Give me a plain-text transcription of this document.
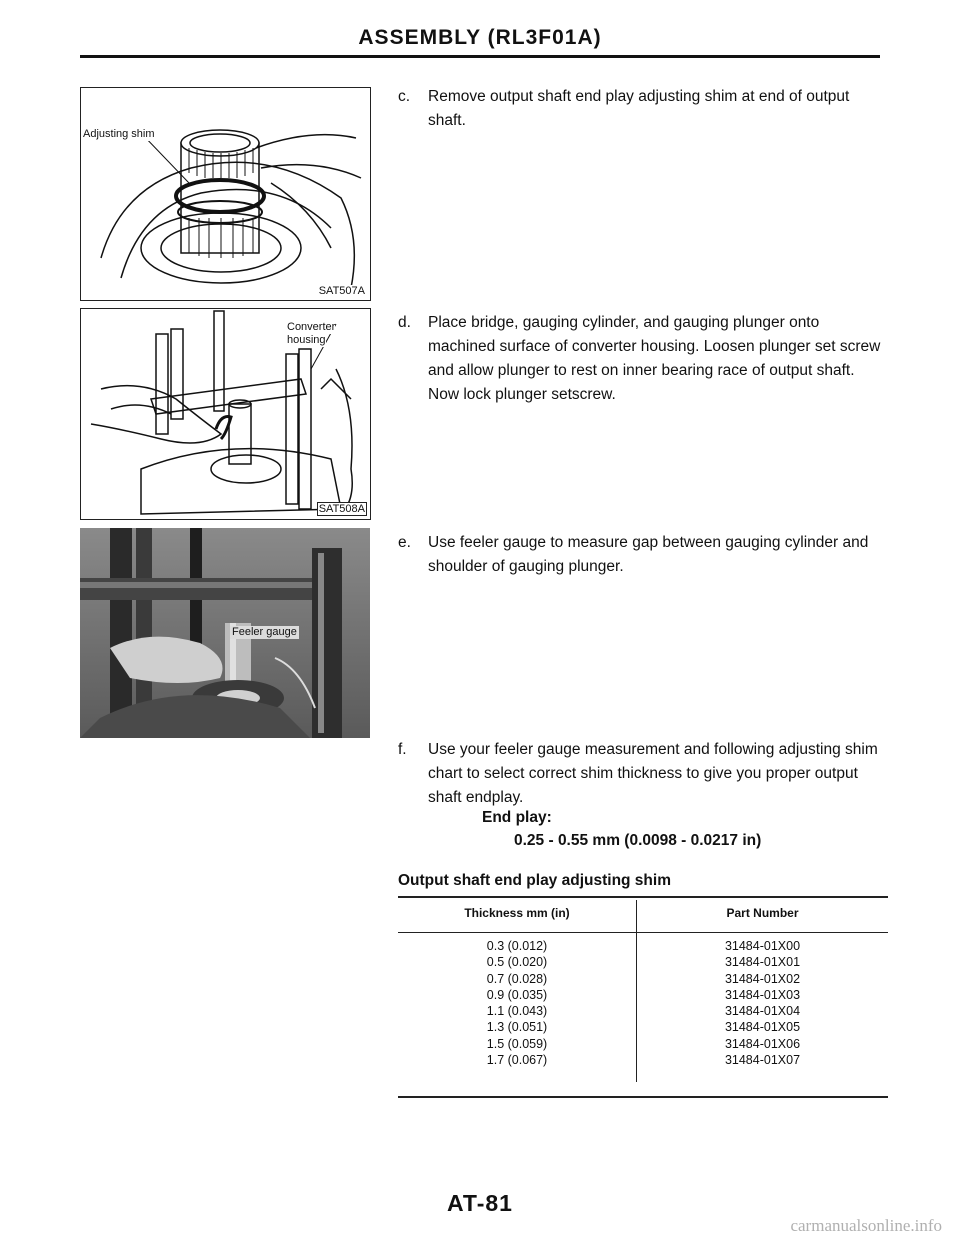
ASSEMBLY (RL3F01A)
Adjusting shim
SAT507A
Converter
housing
SAT508A
Feeler gauge
c. Remove output shaft end play adjusting shim at end of output shaft.
d. Place bridge, gauging cylinder, and gauging plunger onto machined surface of converter housing. Loosen plunger set screw and allow plunger to rest on inner bearing race of output shaft. Now lock plunger setscrew.
e. Use feeler gauge to measure gap between gauging cylinder and shoulder of gauging plunger.
f. Use your feeler gauge measurement and following adjusting shim chart to select correct shim thickness to give you proper output shaft endplay.
End play:
0.25 - 0.55 mm (0.0098 - 0.0217 in)
Output shaft end play adjusting shim
Thickness mm (in)	Part Number
0.3 (0.012)
0.5 (0.020)
0.7 (0.028)
0.9 (0.035)
1.1 (0.043)
1.3 (0.051)
1.5 (0.059)
1.7 (0.067)
31484-01X00
31484-01X01
31484-01X02
31484-01X03
31484-01X04
31484-01X05
31484-01X06
31484-01X07
AT-81
carmanualsonline.info
